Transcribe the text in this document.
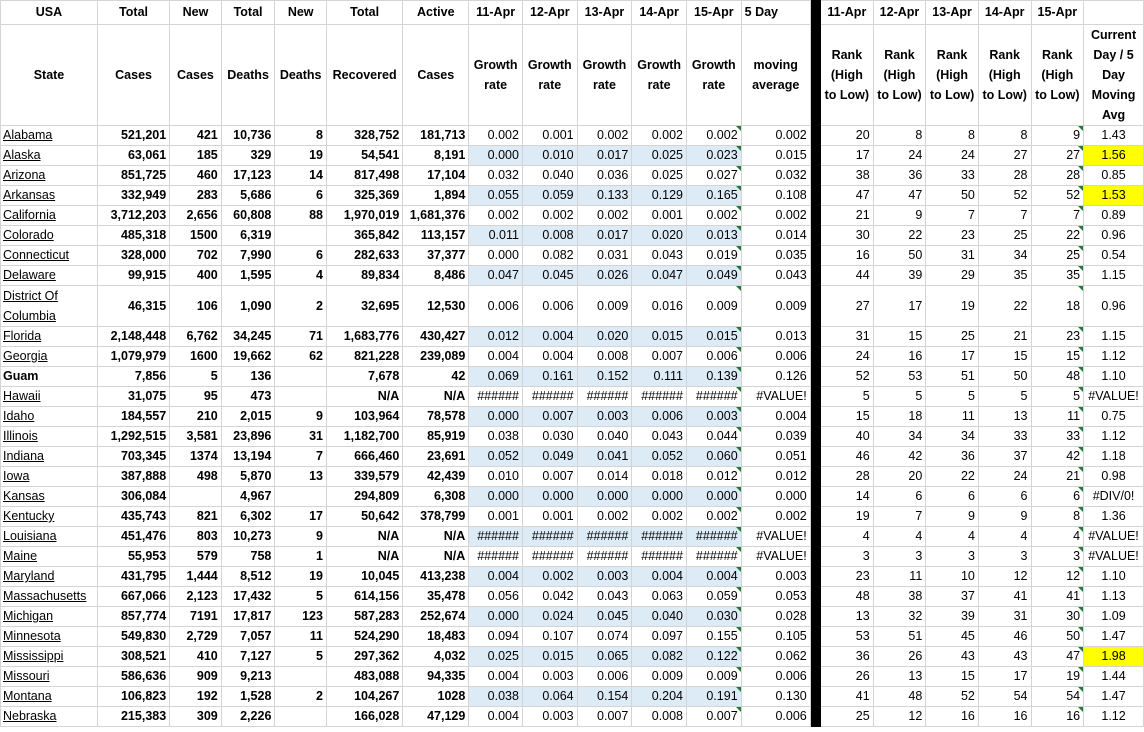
USA	Total	New	Total	New	Total	Active	11-Apr	12-Apr	13-Apr	14-Apr	15-Apr	5 Day		11-Apr	12-Apr	13-Apr	14-Apr	15-Apr	
State	Cases	Cases	Deaths	Deaths	Recovered	Cases	Growth rate	Growth rate	Growth rate	Growth rate	Growth rate	moving average		Rank (High to Low)	Rank (High to Low)	Rank (High to Low)	Rank (High to Low)	Rank (High to Low)	Current Day / 5 Day Moving Avg
Alabama	521,201	421	10,736	8	328,752	181,713	0.002	0.001	0.002	0.002	0.002	0.002		20	8	8	8	9	1.43
Alaska	63,061	185	329	19	54,541	8,191	0.000	0.010	0.017	0.025	0.023	0.015		17	24	24	27	27	1.56
Arizona	851,725	460	17,123	14	817,498	17,104	0.032	0.040	0.036	0.025	0.027	0.032		38	36	33	28	28	0.85
Arkansas	332,949	283	5,686	6	325,369	1,894	0.055	0.059	0.133	0.129	0.165	0.108		47	47	50	52	52	1.53
California	3,712,203	2,656	60,808	88	1,970,019	1,681,376	0.002	0.002	0.002	0.001	0.002	0.002		21	9	7	7	7	0.89
Colorado	485,318	1500	6,319		365,842	113,157	0.011	0.008	0.017	0.020	0.013	0.014		30	22	23	25	22	0.96
Connecticut	328,000	702	7,990	6	282,633	37,377	0.000	0.082	0.031	0.043	0.019	0.035		16	50	31	34	25	0.54
Delaware	99,915	400	1,595	4	89,834	8,486	0.047	0.045	0.026	0.047	0.049	0.043		44	39	29	35	35	1.15
District Of Columbia	46,315	106	1,090	2	32,695	12,530	0.006	0.006	0.009	0.016	0.009	0.009		27	17	19	22	18	0.96
Florida	2,148,448	6,762	34,245	71	1,683,776	430,427	0.012	0.004	0.020	0.015	0.015	0.013		31	15	25	21	23	1.15
Georgia	1,079,979	1600	19,662	62	821,228	239,089	0.004	0.004	0.008	0.007	0.006	0.006		24	16	17	15	15	1.12
Guam	7,856	5	136		7,678	42	0.069	0.161	0.152	0.111	0.139	0.126		52	53	51	50	48	1.10
Hawaii	31,075	95	473		N/A	N/A	######	######	######	######	######	#VALUE!		5	5	5	5	5	#VALUE!
Idaho	184,557	210	2,015	9	103,964	78,578	0.000	0.007	0.003	0.006	0.003	0.004		15	18	11	13	11	0.75
Illinois	1,292,515	3,581	23,896	31	1,182,700	85,919	0.038	0.030	0.040	0.043	0.044	0.039		40	34	34	33	33	1.12
Indiana	703,345	1374	13,194	7	666,460	23,691	0.052	0.049	0.041	0.052	0.060	0.051		46	42	36	37	42	1.18
Iowa	387,888	498	5,870	13	339,579	42,439	0.010	0.007	0.014	0.018	0.012	0.012		28	20	22	24	21	0.98
Kansas	306,084		4,967		294,809	6,308	0.000	0.000	0.000	0.000	0.000	0.000		14	6	6	6	6	#DIV/0!
Kentucky	435,743	821	6,302	17	50,642	378,799	0.001	0.001	0.002	0.002	0.002	0.002		19	7	9	9	8	1.36
Louisiana	451,476	803	10,273	9	N/A	N/A	######	######	######	######	######	#VALUE!		4	4	4	4	4	#VALUE!
Maine	55,953	579	758	1	N/A	N/A	######	######	######	######	######	#VALUE!		3	3	3	3	3	#VALUE!
Maryland	431,795	1,444	8,512	19	10,045	413,238	0.004	0.002	0.003	0.004	0.004	0.003		23	11	10	12	12	1.10
Massachusetts	667,066	2,123	17,432	5	614,156	35,478	0.056	0.042	0.043	0.063	0.059	0.053		48	38	37	41	41	1.13
Michigan	857,774	7191	17,817	123	587,283	252,674	0.000	0.024	0.045	0.040	0.030	0.028		13	32	39	31	30	1.09
Minnesota	549,830	2,729	7,057	11	524,290	18,483	0.094	0.107	0.074	0.097	0.155	0.105		53	51	45	46	50	1.47
Mississippi	308,521	410	7,127	5	297,362	4,032	0.025	0.015	0.065	0.082	0.122	0.062		36	26	43	43	47	1.98
Missouri	586,636	909	9,213		483,088	94,335	0.004	0.003	0.006	0.009	0.009	0.006		26	13	15	17	19	1.44
Montana	106,823	192	1,528	2	104,267	1028	0.038	0.064	0.154	0.204	0.191	0.130		41	48	52	54	54	1.47
Nebraska	215,383	309	2,226		166,028	47,129	0.004	0.003	0.007	0.008	0.007	0.006		25	12	16	16	16	1.12
